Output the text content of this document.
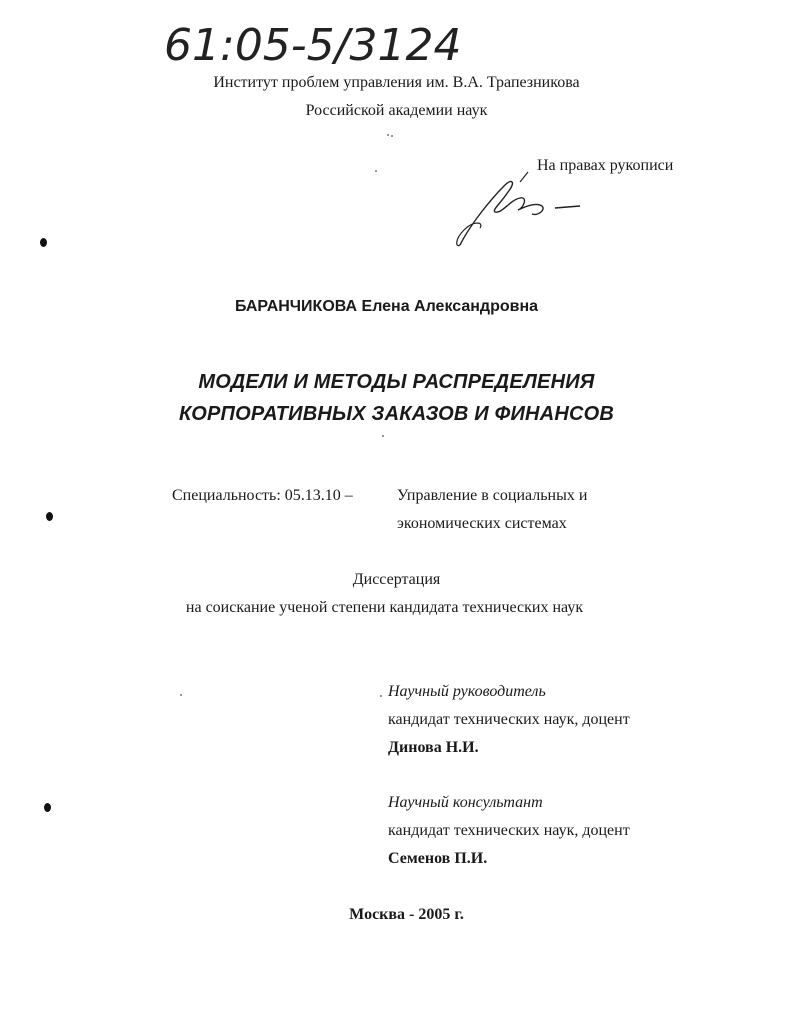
61:05-5/3124
Институт проблем управления им. В.А. Трапезникова
Российской академии наук
На правах рукописи
БАРАНЧИКОВА Елена Александровна
МОДЕЛИ И МЕТОДЫ РАСПРЕДЕЛЕНИЯ
КОРПОРАТИВНЫХ ЗАКАЗОВ И ФИНАНСОВ
Специальность: 05.13.10 –	Управление в социальных и
экономических системах
Диссертация
на соискание ученой степени кандидата технических наук
Научный руководитель
кандидат технических наук, доцент
Динова Н.И.
Научный консультант
кандидат технических наук, доцент
Семенов П.И.
Москва - 2005 г.
